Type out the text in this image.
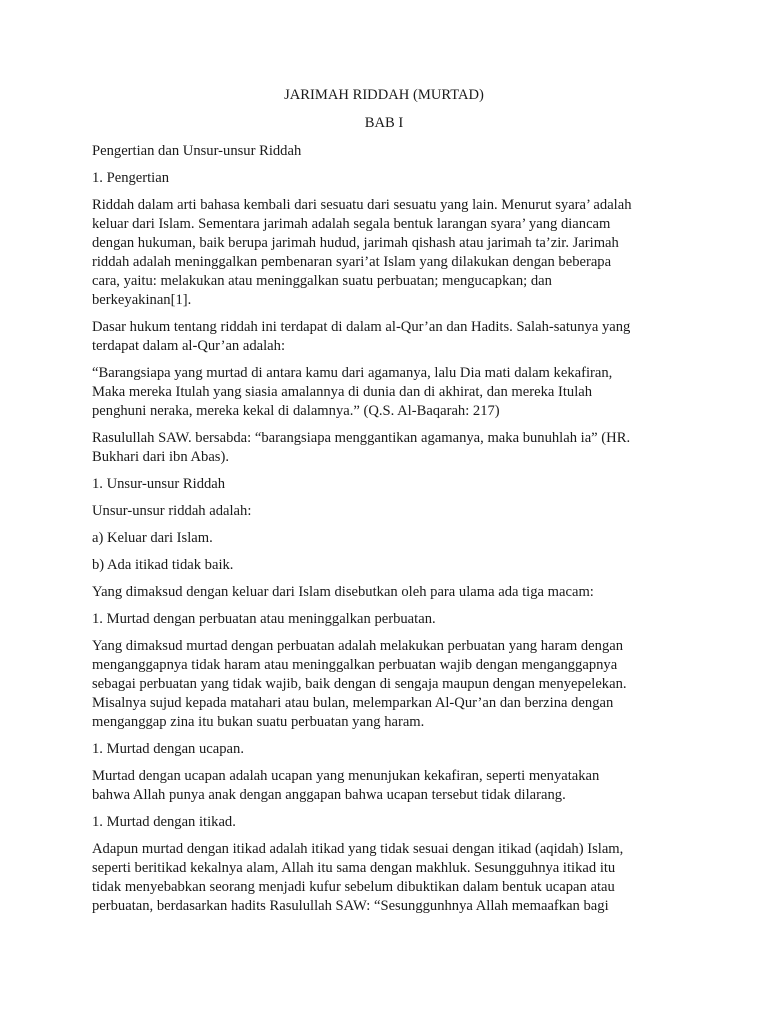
JARIMAH RIDDAH (MURTAD)
BAB I
Pengertian dan Unsur-unsur Riddah
1. Pengertian
Riddah dalam arti bahasa kembali dari sesuatu dari sesuatu yang lain. Menurut syara’ adalah
keluar dari Islam. Sementara jarimah adalah segala bentuk larangan syara’ yang diancam
dengan hukuman, baik berupa jarimah hudud, jarimah qishash atau jarimah ta’zir. Jarimah
riddah adalah meninggalkan pembenaran syari’at Islam yang dilakukan dengan beberapa
cara, yaitu: melakukan atau meninggalkan suatu perbuatan; mengucapkan; dan
berkeyakinan[1].
Dasar hukum tentang riddah ini terdapat di dalam al-Qur’an dan Hadits. Salah-satunya yang
terdapat dalam al-Qur’an adalah:
“Barangsiapa yang murtad di antara kamu dari agamanya, lalu Dia mati dalam kekafiran,
Maka mereka Itulah yang siasia amalannya di dunia dan di akhirat, dan mereka Itulah
penghuni neraka, mereka kekal di dalamnya.” (Q.S. Al-Baqarah: 217)
Rasulullah SAW. bersabda: “barangsiapa menggantikan agamanya, maka bunuhlah ia” (HR.
Bukhari dari ibn Abas).
1. Unsur-unsur Riddah
Unsur-unsur riddah adalah:
a) Keluar dari Islam.
b) Ada itikad tidak baik.
Yang dimaksud dengan keluar dari Islam disebutkan oleh para ulama ada tiga macam:
1. Murtad dengan perbuatan atau meninggalkan perbuatan.
Yang dimaksud murtad dengan perbuatan adalah melakukan perbuatan yang haram dengan
menganggapnya tidak haram atau meninggalkan perbuatan wajib dengan menganggapnya
sebagai perbuatan yang tidak wajib, baik dengan di sengaja maupun dengan menyepelekan.
Misalnya sujud kepada matahari atau bulan, melemparkan Al-Qur’an dan berzina dengan
menganggap zina itu bukan suatu perbuatan yang haram.
1. Murtad dengan ucapan.
Murtad dengan ucapan adalah ucapan yang menunjukan kekafiran, seperti menyatakan
bahwa Allah punya anak dengan anggapan bahwa ucapan tersebut tidak dilarang.
1. Murtad dengan itikad.
Adapun murtad dengan itikad adalah itikad yang tidak sesuai dengan itikad (aqidah) Islam,
seperti beritikad kekalnya alam, Allah itu sama dengan makhluk. Sesungguhnya itikad itu
tidak menyebabkan seorang menjadi kufur sebelum dibuktikan dalam bentuk ucapan atau
perbuatan, berdasarkan hadits Rasulullah SAW: “Sesunggunhnya Allah memaafkan bagi
